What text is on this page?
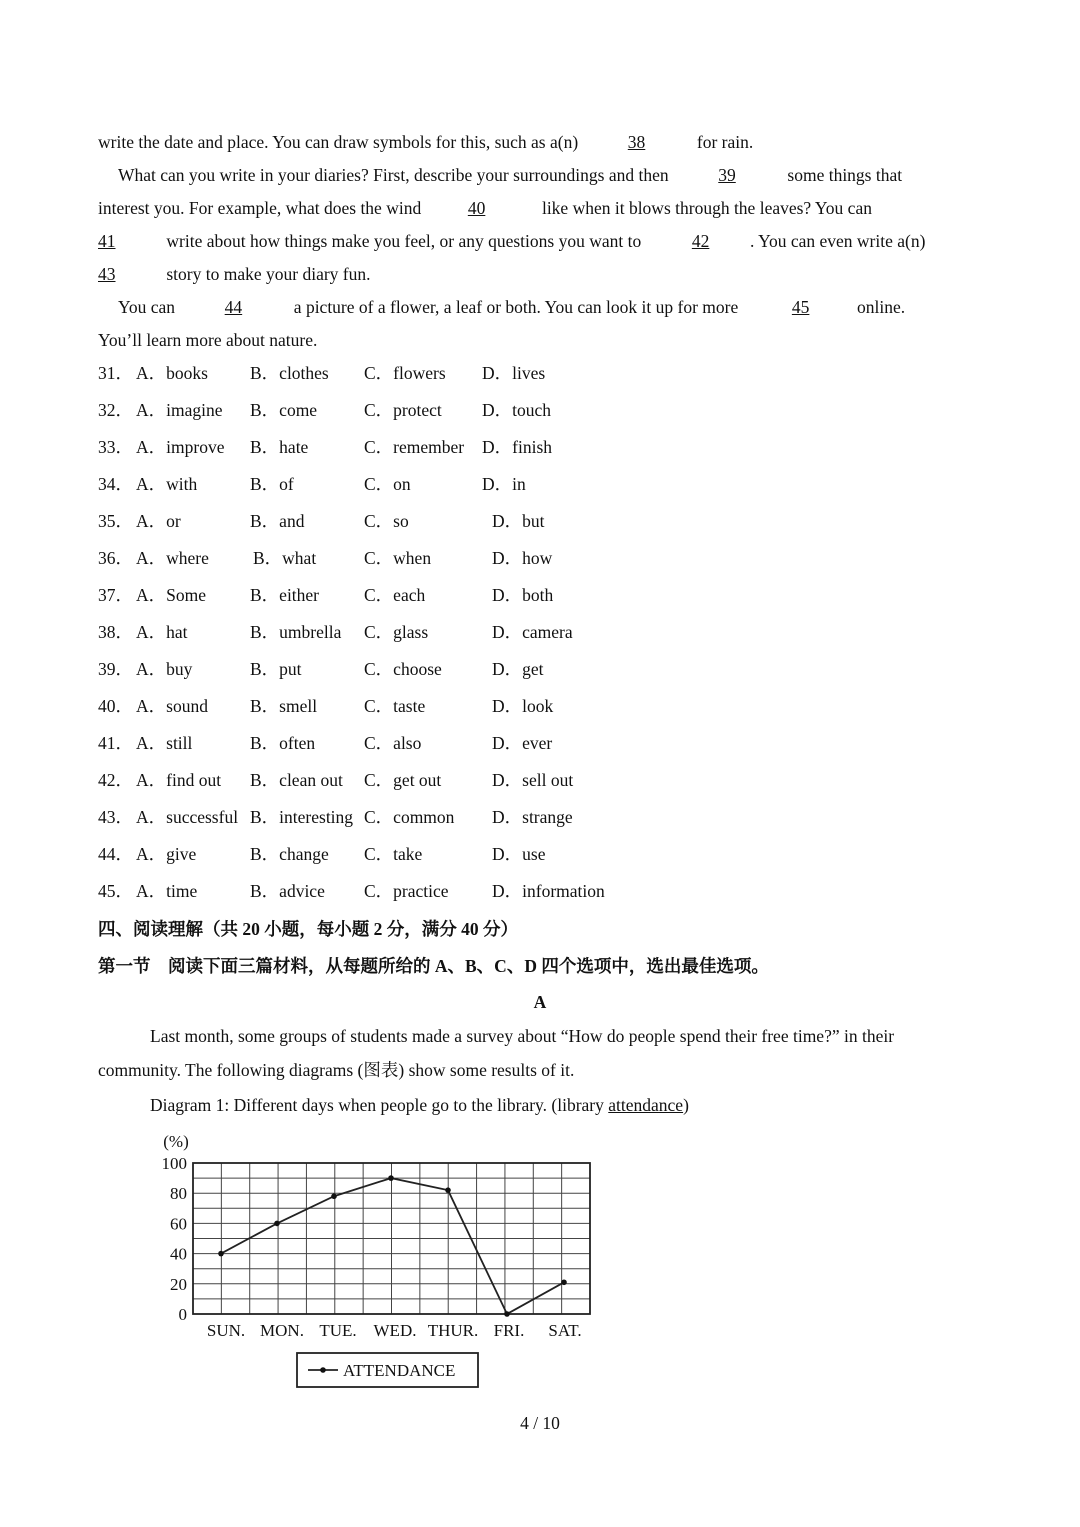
write the date and place. You can draw symbols for this, such as a(n)	38	for rain.
What can you write in your diaries? First, describe your surroundings and then	39	some things that
interest you. For example, what does the wind	40	like when it blows through the leaves? You can
41	write about how things make you feel, or any questions you want to	42 . You can even write a(n)
43	story to make your diary fun.
You can	44	a picture of a flower, a leaf or both. You can look it up for more	45	online.
You’ll learn more about nature.
31． A．books B．clothes C．flowers D．lives
32． A．imagine B．come	C．protect D．touch
33． A．improve B．hate	C．remember D．finish
34． A．with	B．of	C．on	D．in
35． A．or	B．and	C．so	D．but
36． A．where	B．what	C．when	D．how
37． A．Some	B．either	C．each	D．both
38． A．hat	B．umbrella C．glass	D．camera
39． A．buy	B．put	C．choose	D．get
40． A．sound B．smell	C．taste	D．look
41． A．still	B．often	C．also	D．ever
42． A．find out B．clean out C．get out	D．sell out
43． A．successful B．interesting C．common D．strange
44． A．give	B．change C．take	D．use
45． A．time	B．advice C．practice D．information
四、阅读理解（共 20 小题，每小题 2 分，满分 40 分）
第一节　阅读下面三篇材料，从每题所给的 A、B、C、D 四个选项中，选出最佳选项。
A
Last month, some groups of students made a survey about “How do people spend their free time?” in their
community. The following diagrams (图表) show some results of it.
Diagram 1: Different days when people go to the library. (library attendance)
100
80
60
40
20
0
(%)
SUN. MON. TUE. WED. THUR. FRI. SAT.
ATTENDANCE
4 / 10
